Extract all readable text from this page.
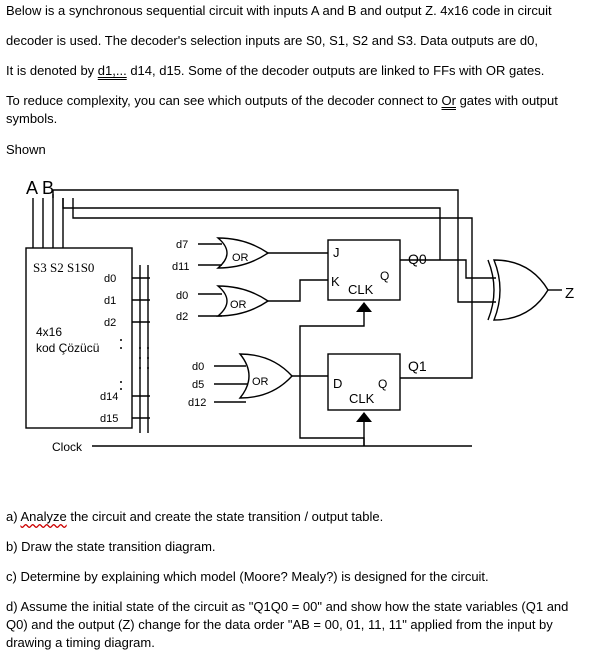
Below is a synchronous sequential circuit with inputs A and B and output Z. 4x16 code in circuit
decoder is used. The decoder's selection inputs are S0, S1, S2 and S3. Data outputs are d0,
It is denoted by d1,... d14, d15. Some of the decoder outputs are linked to FFs with OR gates.
To reduce complexity, you can see which outputs of the decoder connect to Or gates with output
symbols.
Shown
A B
S3 S2 S1S0
4x16
kod Çözücü
d0
d1
d2
d14
d15
Clock
d7
d11
d0
d2
d0
d5
d12
OR
OR
OR
J
K	Q
CLK
Q0
D	Q
CLK
Q1
Z
a) Analyze the circuit and create the state transition / output table.
b) Draw the state transition diagram.
c) Determine by explaining which model (Moore? Mealy?) is designed for the circuit.
d) Assume the initial state of the circuit as "Q1Q0 = 00" and show how the state variables (Q1 and Q0) and the output (Z) change for the data order "AB = 00, 01, 11, 11" applied from the input by drawing a timing diagram.
